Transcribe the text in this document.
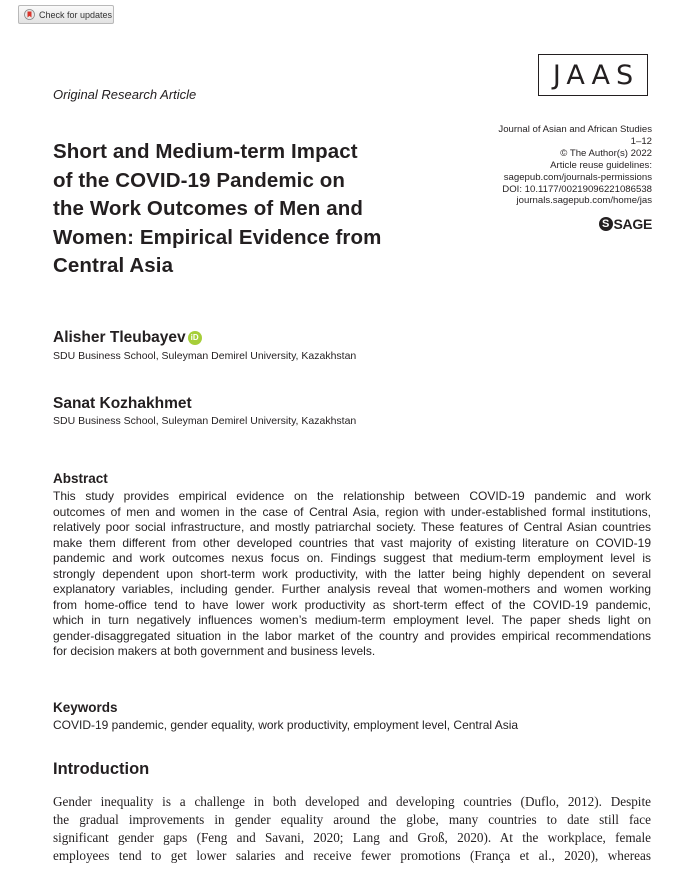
Check for updates
Original Research Article
JAAS
Journal of Asian and African Studies
1–12
© The Author(s) 2022
Article reuse guidelines:
sagepub.com/journals-permissions
DOI: 10.1177/00219096221086538
journals.sagepub.com/home/jas
S SAGE
Short and Medium-term Impact
of the COVID-19 Pandemic on
the Work Outcomes of Men and
Women: Empirical Evidence from
Central Asia
Alisher Tleubayev iD
SDU Business School, Suleyman Demirel University, Kazakhstan
Sanat Kozhakhmet
SDU Business School, Suleyman Demirel University, Kazakhstan
Abstract
This study provides empirical evidence on the relationship between COVID-19 pandemic and work
outcomes of men and women in the case of Central Asia, region with under-established formal institutions,
relatively poor social infrastructure, and mostly patriarchal society. These features of Central Asian countries
make them different from other developed countries that vast majority of existing literature on COVID-19
pandemic and work outcomes nexus focus on. Findings suggest that medium-term employment level is
strongly dependent upon short-term work productivity, with the latter being highly dependent on several
explanatory variables, including gender. Further analysis reveal that women-mothers and women working
from home-office tend to have lower work productivity as short-term effect of the COVID-19 pandemic,
which in turn negatively influences women’s medium-term employment level. The paper sheds light on
gender-disaggregated situation in the labor market of the country and provides empirical recommendations
for decision makers at both government and business levels.
Keywords
COVID-19 pandemic, gender equality, work productivity, employment level, Central Asia
Introduction
Gender inequality is a challenge in both developed and developing countries (Duflo, 2012). Despite
the gradual improvements in gender equality around the globe, many countries to date still face
significant gender gaps (Feng and Savani, 2020; Lang and Groß, 2020). At the workplace, female
employees tend to get lower salaries and receive fewer promotions (França et al., 2020), whereas
